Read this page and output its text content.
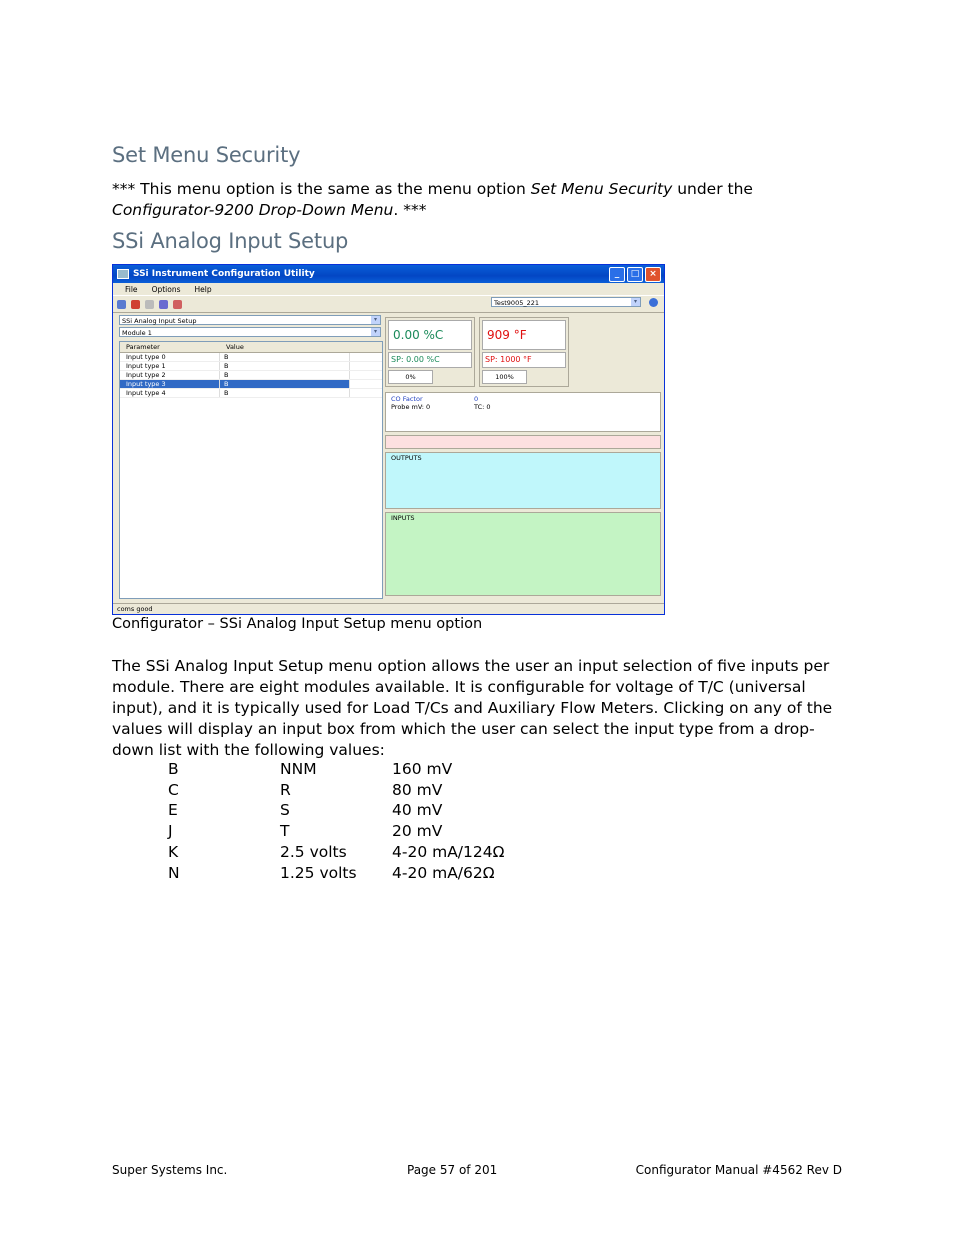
Set Menu Security
*** This menu option is the same as the menu option Set Menu Security under the
Configurator-9200 Drop-Down Menu. ***
SSi Analog Input Setup
SSi Instrument Configuration Utility	_	□	×
File Options Help
Test9005_221	▾
SSi Analog Input Setup	▾
Module 1	▾
Parameter	Value
Input type 0	B
Input type 1	B
Input type 2	B
Input type 3	B
Input type 4	B
0.00 %C
SP: 0.00 %C
0%
909 °F
SP: 1000 °F
100%
CO Factor	0
Probe mV: 0	TC: 0
OUTPUTS
INPUTS
coms good
Configurator – SSi Analog Input Setup menu option
The SSi Analog Input Setup menu option allows the user an input selection of five inputs per module. There are eight modules available. It is configurable for voltage of T/C (universal input), and it is typically used for Load T/Cs and Auxiliary Flow Meters. Clicking on any of the values will display an input box from which the user can select the input type from a drop-down list with the following values:
B	NNM	160 mV
C	R	80 mV
E	S	40 mV
J	T	20 mV
K	2.5 volts	4-20 mA/124Ω
N	1.25 volts	4-20 mA/62Ω
Super Systems Inc.	Page 57 of 201	Configurator Manual #4562 Rev D
